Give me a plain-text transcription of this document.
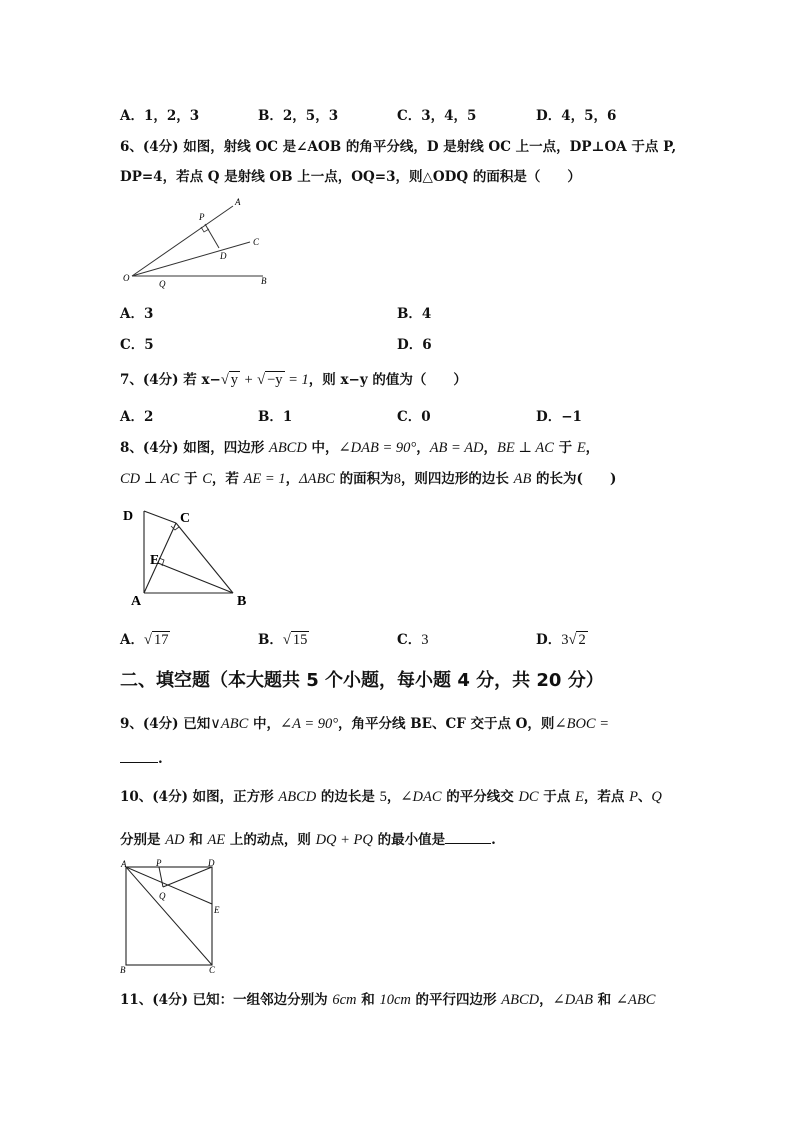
A．1，2，3	B．2，5，3	C．3，4，5	D．4，5，6
6、(4分) 如图，射线 OC 是∠AOB 的角平分线，D 是射线 OC 上一点，DP⊥OA 于点 P,
DP=4，若点 Q 是射线 OB 上一点，OQ=3，则△ODQ 的面积是（　　）
A
P
C
D
O
Q	B
A．3	B．4
C．5	D．6
7、(4分) 若 x−√ y + √ −y = 1，则 x−y 的值为（　　）
A．2	B．1	C．0	D．−1
8、(4分) 如图，四边形 ABCD 中，∠DAB = 90°，AB = AD，BE ⊥ AC 于 E，
CD ⊥ AC 于 C，若 AE = 1，ΔABC 的面积为8，则四边形的边长 AB 的长为(　　)
D	C
E
A	B
A．√ 17	B．√ 15	C．3	D．3√ 2
二、填空题（本大题共 5 个小题，每小题 4 分，共 20 分）
9、(4分) 已知∨ABC 中，∠A = 90°，角平分线 BE、CF 交于点 O，则∠BOC =
.
10、(4分) 如图，正方形 ABCD 的边长是 5，∠DAC 的平分线交 DC 于点 E，若点 P、Q
分别是 AD 和 AE 上的动点，则 DQ + PQ 的最小值是	.
A	P	D
Q
E
B	C
11、(4分) 已知：一组邻边分别为 6cm 和 10cm 的平行四边形 ABCD，∠DAB 和 ∠ABC
